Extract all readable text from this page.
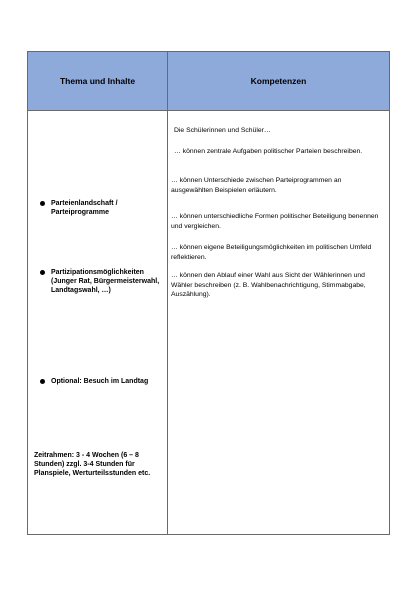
Thema und Inhalte	Kompetenzen
Parteienlandschaft / Parteiprogramme
Partizipationsmöglichkeiten (Junger Rat, Bürgermeisterwahl, Landtagswahl, …)
Optional: Besuch im Landtag
Zeitrahmen: 3 - 4 Wochen (6 – 8 Stunden) zzgl. 3-4 Stunden für Planspiele, Werturteilsstunden etc.
Die Schülerinnen und Schüler…
… können zentrale Aufgaben politischer Parteien beschreiben.
… können Unterschiede zwischen Parteiprogrammen an ausgewählten Beispielen erläutern.
… können unterschiedliche Formen politischer Beteiligung benennen und vergleichen.
… können eigene Beteiligungsmöglichkeiten im politischen Umfeld reflektieren.
… können den Ablauf einer Wahl aus Sicht der Wählerinnen und Wähler beschreiben (z. B. Wahlbenachrichtigung, Stimmabgabe, Auszählung).
